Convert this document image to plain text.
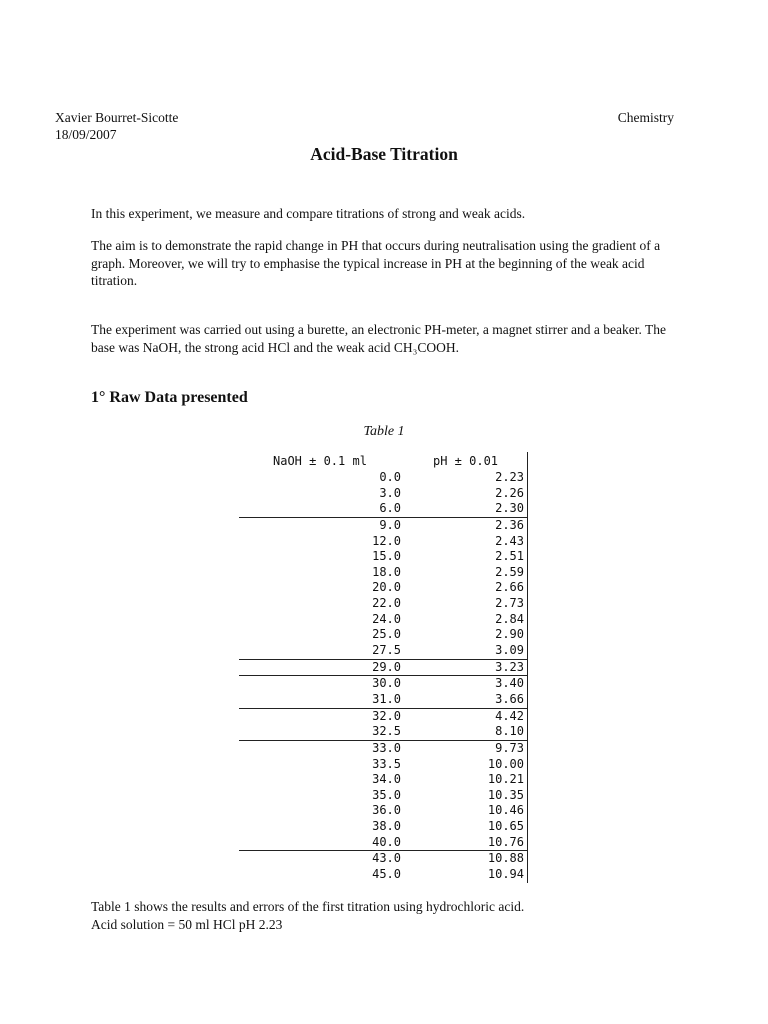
Xavier Bourret-Sicotte
18/09/2007
Chemistry
Acid-Base Titration

In this experiment, we measure and compare titrations of strong and weak acids.

The aim is to demonstrate the rapid change in PH that occurs during neutralisation using the gradient of a graph. Moreover, we will try to emphasise the typical increase in PH at the beginning of the weak acid titration.

The experiment was carried out using a burette, an electronic PH-meter, a magnet stirrer and a beaker. The base was NaOH, the strong acid HCl and the weak acid CH₃COOH.

1° Raw Data presented
Table 1
NaOH ± 0.1 ml	pH ± 0.01
0.0	2.23
3.0	2.26
6.0	2.30
9.0	2.36
12.0	2.43
15.0	2.51
18.0	2.59
20.0	2.66
22.0	2.73
24.0	2.84
25.0	2.90
27.5	3.09
29.0	3.23
30.0	3.40
31.0	3.66
32.0	4.42
32.5	8.10
33.0	9.73
33.5	10.00
34.0	10.21
35.0	10.35
36.0	10.46
38.0	10.65
40.0	10.76
43.0	10.88
45.0	10.94
Table 1 shows the results and errors of the first titration using hydrochloric acid.
Acid solution = 50 ml HCl pH 2.23
